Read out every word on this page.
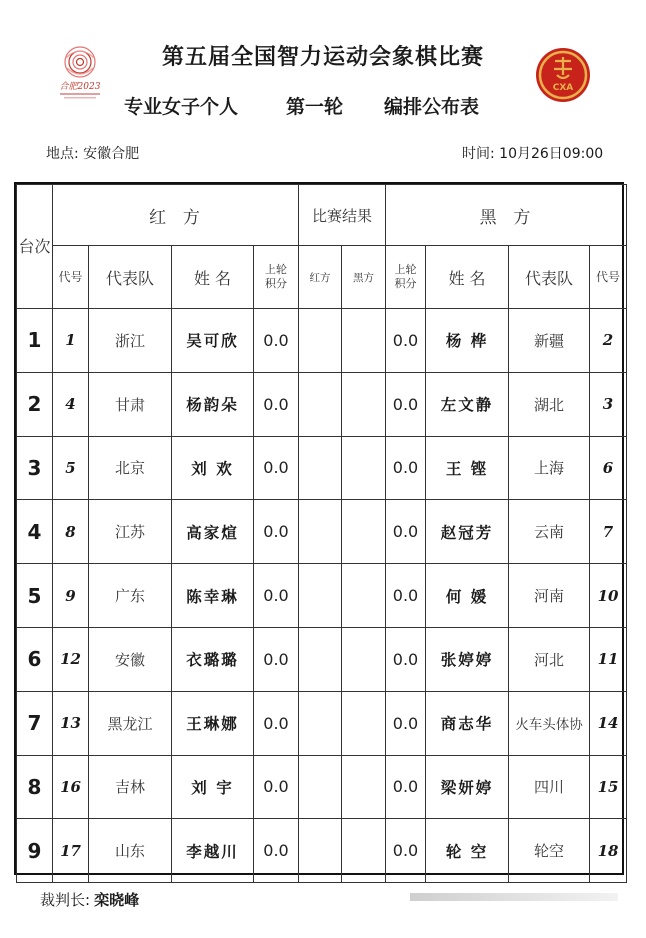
合肥2023
第五届全国智力运动会象棋比赛
CXA
专业女子个人	第一轮 编排公布表
地点: 安徽合肥	时间: 10月26日09:00
台次	红  方				比赛结果		黑  方			
	代号	代表队	姓 名	上轮积分	红方	黑方	上轮积分	姓 名	代表队	代号
1	1	浙江	吴可欣	0.0			0.0	杨 桦	新疆	2
2	4	甘肃	杨韵朵	0.0			0.0	左文静	湖北	3
3	5	北京	刘 欢	0.0			0.0	王 铿	上海	6
4	8	江苏	高家煊	0.0			0.0	赵冠芳	云南	7
5	9	广东	陈幸琳	0.0			0.0	何 媛	河南	10
6	12	安徽	衣璐璐	0.0			0.0	张婷婷	河北	11
7	13	黑龙江	王琳娜	0.0			0.0	商志华	火车头体协	14
8	16	吉林	刘 宇	0.0			0.0	梁妍婷	四川	15
9	17	山东	李越川	0.0			0.0	轮 空	轮空	18
裁判长: 栾晓峰
